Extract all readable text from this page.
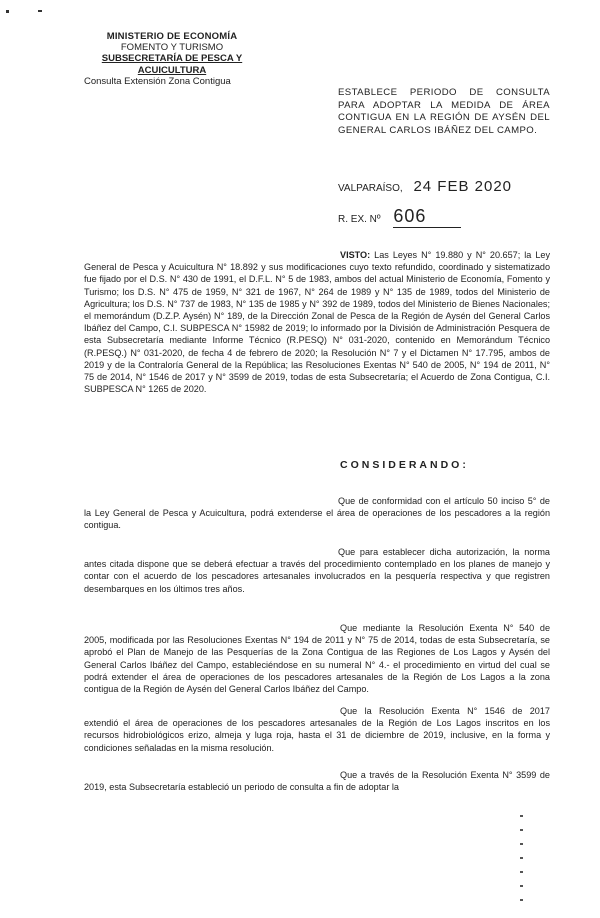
MINISTERIO DE ECONOMÍA
FOMENTO Y TURISMO
SUBSECRETARÍA DE PESCA Y
ACUICULTURA
Consulta Extensión Zona Contigua
ESTABLECE PERIODO DE CONSULTA PARA ADOPTAR LA MEDIDA DE ÁREA CONTIGUA EN LA REGIÓN DE AYSÉN DEL GENERAL CARLOS IBÁÑEZ DEL CAMPO.
VALPARAÍSO, 24 FEB 2020
R. EX. Nº 606
VISTO: Las Leyes N° 19.880 y N° 20.657; la Ley General de Pesca y Acuicultura N° 18.892 y sus modificaciones cuyo texto refundido, coordinado y sistematizado fue fijado por el D.S. N° 430 de 1991, el D.F.L. N° 5 de 1983, ambos del actual Ministerio de Economía, Fomento y Turismo; los D.S. N° 475 de 1959, N° 321 de 1967, N° 264 de 1989 y N° 135 de 1989, todos del Ministerio de Agricultura; los D.S. N° 737 de 1983, N° 135 de 1985 y N° 392 de 1989, todos del Ministerio de Bienes Nacionales; el memorándum (D.Z.P. Aysén) N° 189, de la Dirección Zonal de Pesca de la Región de Aysén del General Carlos Ibáñez del Campo, C.I. SUBPESCA N° 15982 de 2019; lo informado por la División de Administración Pesquera de esta Subsecretaría mediante Informe Técnico (R.PESQ) N° 031-2020, contenido en Memorándum Técnico (R.PESQ.) N° 031-2020, de fecha 4 de febrero de 2020; la Resolución N° 7 y el Dictamen N° 17.795, ambos de 2019 y de la Contraloría General de la República; las Resoluciones Exentas N° 540 de 2005, N° 194 de 2011, N° 75 de 2014, N° 1546 de 2017 y N° 3599 de 2019, todas de esta Subsecretaría; el Acuerdo de Zona Contigua, C.I. SUBPESCA N° 1265 de 2020.
CONSIDERANDO:
Que de conformidad con el artículo 50 inciso 5° de la Ley General de Pesca y Acuicultura, podrá extenderse el área de operaciones de los pescadores a la región contigua.
Que para establecer dicha autorización, la norma antes citada dispone que se deberá efectuar a través del procedimiento contemplado en los planes de manejo y contar con el acuerdo de los pescadores artesanales involucrados en la pesquería respectiva y que registren desembarques en los últimos tres años.
Que mediante la Resolución Exenta N° 540 de 2005, modificada por las Resoluciones Exentas N° 194 de 2011 y N° 75 de 2014, todas de esta Subsecretaría, se aprobó el Plan de Manejo de las Pesquerías de la Zona Contigua de las Regiones de Los Lagos y Aysén del General Carlos Ibáñez del Campo, estableciéndose en su numeral N° 4.- el procedimiento en virtud del cual se podrá extender el área de operaciones de los pescadores artesanales de la Región de Los Lagos a la zona contigua de la Región de Aysén del General Carlos Ibáñez del Campo.
Que la Resolución Exenta N° 1546 de 2017 extendió el área de operaciones de los pescadores artesanales de la Región de Los Lagos inscritos en los recursos hidrobiológicos erizo, almeja y luga roja, hasta el 31 de diciembre de 2019, inclusive, en la forma y condiciones señaladas en la misma resolución.
Que a través de la Resolución Exenta N° 3599 de 2019, esta Subsecretaría estableció un periodo de consulta a fin de adoptar la
